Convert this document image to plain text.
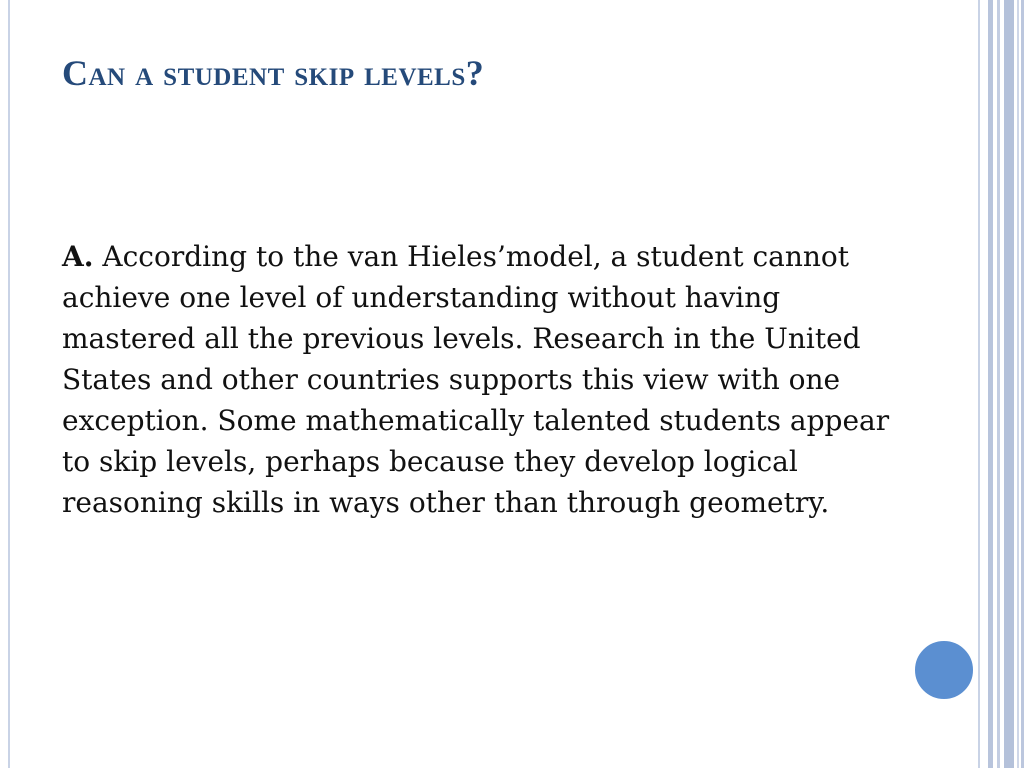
Can a student skip levels?

A. According to the van Hieles’model, a student cannot achieve one level of understanding without having mastered all the previous levels. Research in the United States and other countries supports this view with one exception. Some mathematically talented students appear to skip levels, perhaps because they develop logical reasoning skills in ways other than through geometry.
